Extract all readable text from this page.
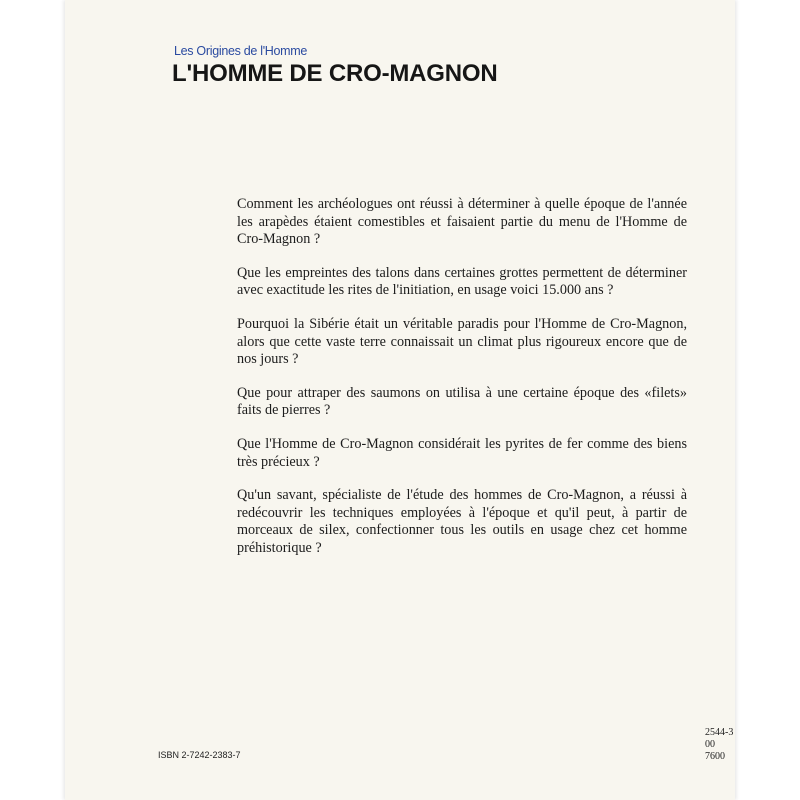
Les Origines de l'Homme
L'HOMME DE CRO-MAGNON

Comment les archéologues ont réussi à déterminer à quelle époque de l'année les arapèdes étaient comestibles et faisaient partie du menu de l'Homme de Cro-Magnon ?

Que les empreintes des talons dans certaines grottes permettent de déterminer avec exactitude les rites de l'initiation, en usage voici 15.000 ans ?

Pourquoi la Sibérie était un véritable paradis pour l'Homme de Cro-Magnon, alors que cette vaste terre connaissait un climat plus rigoureux encore que de nos jours ?

Que pour attraper des saumons on utilisa à une certaine époque des «filets» faits de pierres ?

Que l'Homme de Cro-Magnon considérait les pyrites de fer comme des biens très précieux ?

Qu'un savant, spécialiste de l'étude des hommes de Cro-Magnon, a réussi à redécouvrir les techniques employées à l'époque et qu'il peut, à partir de morceaux de silex, confectionner tous les outils en usage chez cet homme préhistorique ?

ISBN 2-7242-2383-7
2544-3
00 7600
